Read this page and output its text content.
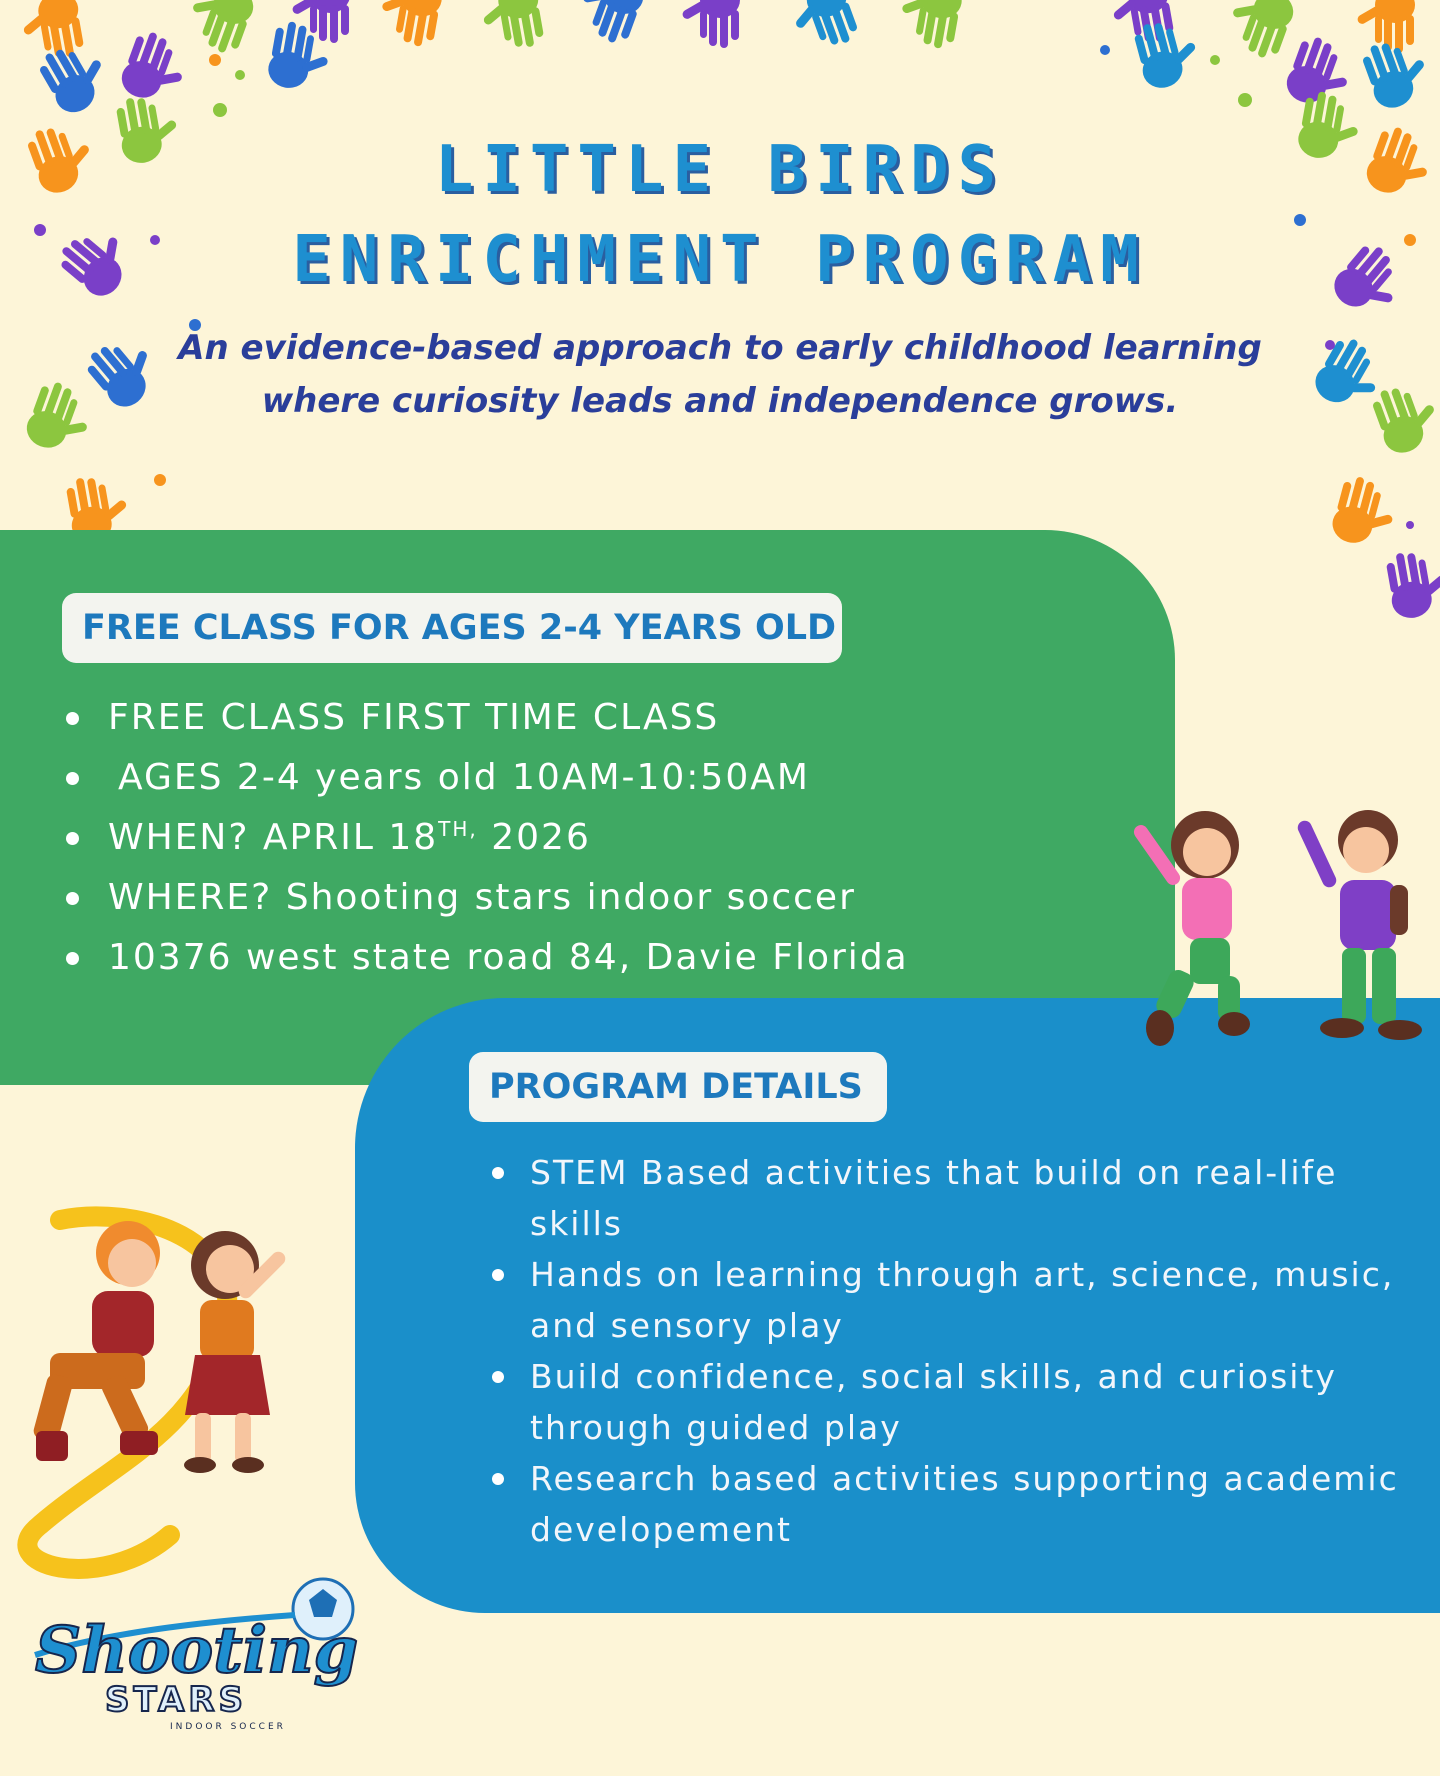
LITTLE BIRDS
ENRICHMENT PROGRAM
An evidence-based approach to early childhood learning
where curiosity leads and independence grows.
FREE CLASS FOR AGES 2-4 YEARS OLD
FREE CLASS FIRST TIME CLASS
AGES 2-4 years old 10AM-10:50AM
WHEN? APRIL $18^{TH,}$ 2026
WHERE? Shooting stars indoor soccer
10376 west state road 84, Davie Florida
PROGRAM DETAILS
STEM Based activities that build on real-life skills
Hands on learning through art, science, music, and sensory play
Build confidence, social skills, and curiosity through guided play
Research based activities supporting academic developement
Shooting
STARS
INDOOR SOCCER
